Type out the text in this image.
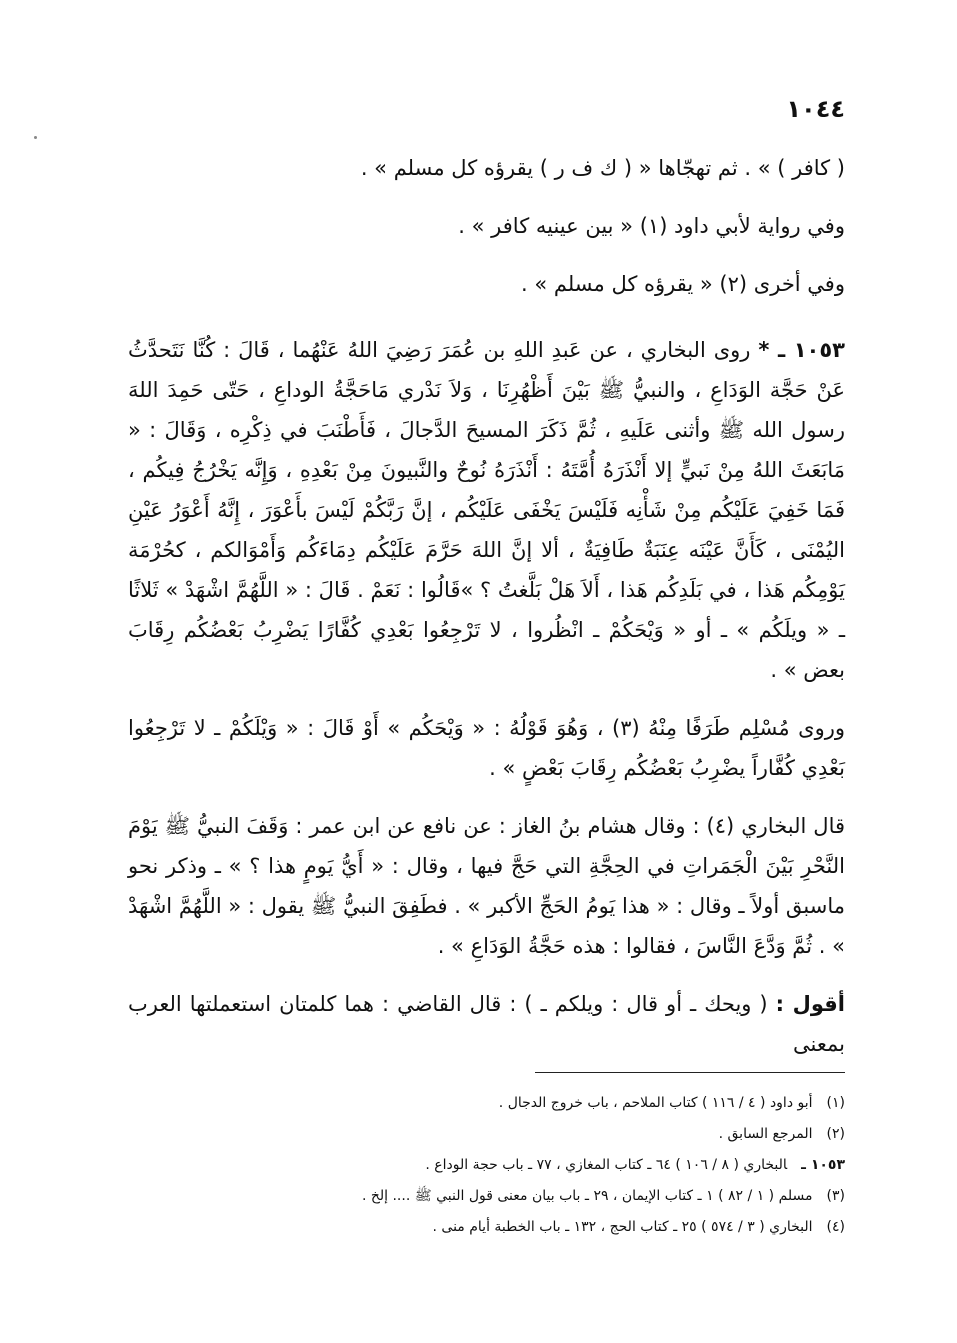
١٠٤٤

( كافر ) » . ثم تهجّاها « ( ك ف ر ) يقرؤه كل مسلم » .

وفي رواية لأبي داود (١) « بين عينيه كافر » .

وفي أخرى (٢) « يقرؤه كل مسلم » .

١٠٥٣ ـ * روى البخاري ، عن عَبدِ اللهِ بن عُمَرَ رَضِيَ اللهُ عَنْهُما ، قَالَ : كُنَّا نَتَحدَّثُ عَنْ حَجَّة الوَدَاعِ ، والنبيُّ ﷺ بَيْنَ أَظْهُرِنَا ، وَلاَ نَدْري مَاحَجَّةُ الوداعِ ، حَتّى حَمِدَ اللهَ رسول الله ﷺ وأثنى عَلَيهِ ، ثُمَّ ذَكَرَ المسيحَ الدَّجالَ ، فَأَطْنَبَ في ذِكْرِه ، وَقَالَ : « مَابَعَثَ اللهُ مِنْ نَبيٍّ إلا أَنْذَرَهُ أُمَّتَهُ : أَنْذَرَهُ نُوحٌ والنَّبيونَ مِنْ بَعْدِهِ ، وَإِنَّه يَخْرُجُ فِيكُم ، فَمَا خَفِيَ عَلَيْكُم مِنْ شَأْنِه فَلَيْسَ يَخْفَى عَلَيْكُم ، إنَّ رَبَّكُمْ لَيْسَ بأَعْوَرَ ، إِنَّهُ أَعْوَرُ عَيْنِ اليُمْنَى ، كَأَنَّ عَيْنَه عِنَبَةٌ طَافِيَةٌ ، ألا إنَّ اللهَ حَرَّمَ عَلَيْكُم دِمَاءَكُم وَأَمْوَالكم ، كحُرْمَة يَوْمِكُم هَذا ، في بَلَدِكُم هَذا ، أَلاَ هَلْ بَلَّغتُ ؟ »قَالُوا : نَعَمْ . قَالَ : « اللَّهُمَّ اشْهَدْ » ثَلاثًا ـ « ويلَكُم » ـ أو « وَيْحَكُمْ ـ انْظُروا ، لا تَرْجِعُوا بَعْدِي كُفَّارًا يَضْرِبُ بَعْضُكُم رِقَابَ بعض » .

وروى مُسْلِم طَرَفًا مِنْهُ (٣) ، وَهُوَ قَوْلُهُ : « وَيْحَكُم » أَوْ قَالَ : « وَيْلَكُمْ ـ لا تَرْجِعُوا بَعْدِي كُفَّاراً يضْرِبُ بَعْضُكُم رِقَابَ بَعْضٍ » .

قال البخاري (٤) : وقال هشام بنُ الغاز : عن نافع عن ابن عمر : وَقَفَ النبيُّ ﷺ يَوْمَ النَّحْرِ بَيْنَ الْجَمَراتِ في الحِجَّةِ التي حَجَّ فيها ، وقال : « أَيُّ يَومٍ هذا ؟ » ـ وذكر نحو ماسبق أولاً ـ وقال : « هذا يَومُ الحَجِّ الأكبر » . فطَفِقَ النبيُّ ﷺ يقول : « اللَّهُمَّ اشْهَدْ » . ثُمَّ وَدَّعَ النَّاسَ ، فقالوا : هذه حَجَّةُ الوَدَاعِ » .

أقول : ( ويحك ـ أو قال : ويلكم ـ ) : قال القاضي : هما كلمتان استعملتها العرب بمعنى

(١)أبو داود ( ٤ / ١١٦ ) كتاب الملاحم ، باب خروج الدجال .
(٢)المرجع السابق .
١٠٥٣ ـالبخاري ( ٨ / ١٠٦ ) ٦٤ ـ كتاب المغازي ، ٧٧ ـ باب حجة الوداع .
(٣)مسلم ( ١ / ٨٢ ) ١ ـ كتاب الإيمان ، ٢٩ ـ باب بيان معنى قول النبي ﷺ .... إلخ .
(٤)البخاري ( ٣ / ٥٧٤ ) ٢٥ ـ كتاب الحج ، ١٣٢ ـ باب الخطبة أيام منى .
